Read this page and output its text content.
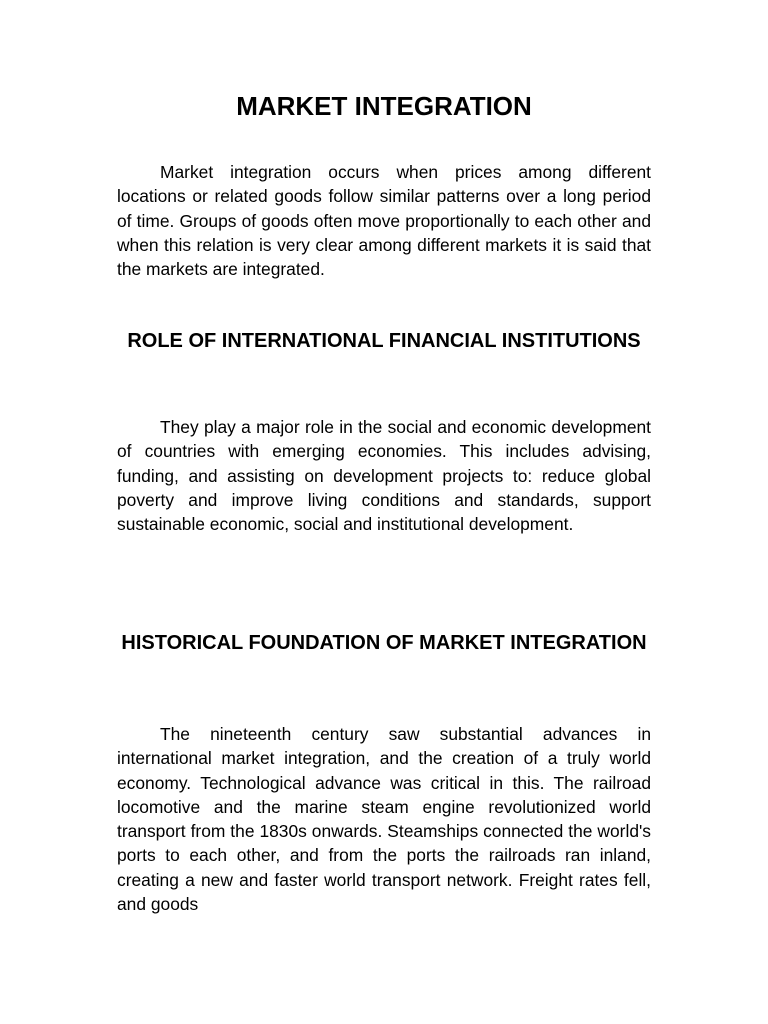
MARKET INTEGRATION

Market integration occurs when prices among different locations or related goods follow similar patterns over a long period of time. Groups of goods often move proportionally to each other and when this relation is very clear among different markets it is said that the markets are integrated.

ROLE OF INTERNATIONAL FINANCIAL INSTITUTIONS

They play a major role in the social and economic development of countries with emerging economies. This includes advising, funding, and assisting on development projects to: reduce global poverty and improve living conditions and standards, support sustainable economic, social and institutional development.

HISTORICAL FOUNDATION OF MARKET INTEGRATION

The nineteenth century saw substantial advances in international market integration, and the creation of a truly world economy. Technological advance was critical in this. The railroad locomotive and the marine steam engine revolutionized world transport from the 1830s onwards. Steamships connected the world's ports to each other, and from the ports the railroads ran inland, creating a new and faster world transport network. Freight rates fell, and goods
